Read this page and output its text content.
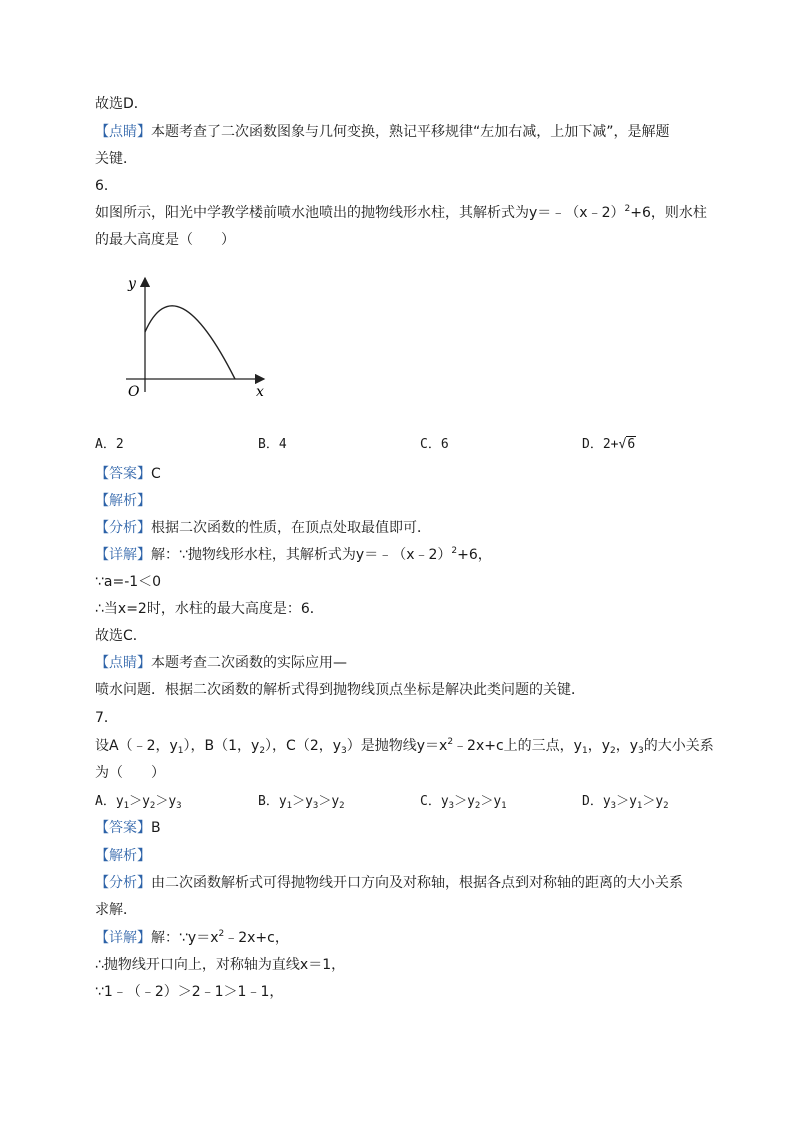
故选D．
【点睛】本题考查了二次函数图象与几何变换，熟记平移规律“左加右减，上加下减”，是解题
关键．
6．
如图所示，阳光中学教学楼前喷水池喷出的抛物线形水柱，其解析式为y＝﹣（x﹣2）$^2$+6，则水柱
的最大高度是（　　）
y
x
O
A．2	B．4	C．6	D．2+√6
【答案】C
【解析】
【分析】根据二次函数的性质，在顶点处取最值即可．
【详解】解：∵抛物线形水柱，其解析式为y＝﹣（x﹣2）$^2$+6，
∵a=-1＜0
∴当x=2时，水柱的最大高度是：6．
故选C．
【点睛】本题考查二次函数的实际应用—
喷水问题．根据二次函数的解析式得到抛物线顶点坐标是解决此类问题的关键．
7．
设A（﹣2，$y_1$），B（1，$y_2$），C（2，$y_3$）是抛物线$y=x^2﹣2x+c$上的三点，$y_1$，$y_2$，$y_3$的大小关系
为（　　）
A．$y_1>y_2>y_3$	B．$y_1>y_3>y_2$	C．$y_3>y_2>y_1$	D．$y_3>y_1>y_2$
【答案】B
【解析】
【分析】由二次函数解析式可得抛物线开口方向及对称轴，根据各点到对称轴的距离的大小关系
求解．
【详解】解：$\because y=x^2﹣2x+c$，
∴抛物线开口向上，对称轴为直线x＝1，
∵1﹣（﹣2）＞2﹣1＞1﹣1，
